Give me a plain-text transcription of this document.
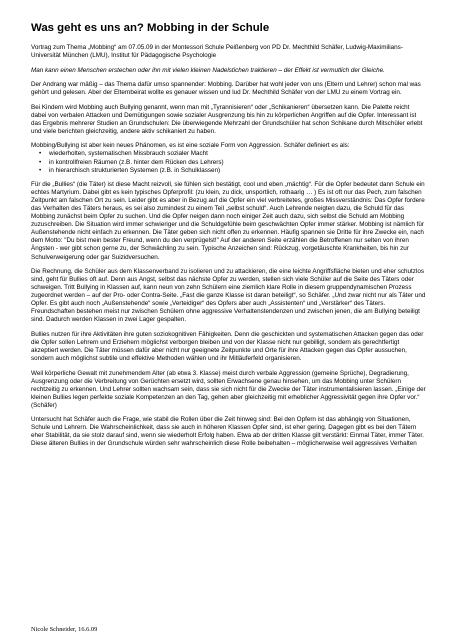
Was geht es uns an? Mobbing in der Schule

Vortrag zum Thema „Mobbing“ am 07.05.09 in der Montessori Schule Peißenberg von PD Dr. Mechthild Schäfer, Ludwig-Maximilians-Universität München (LMU), Institut für Pädagogische Psychologie

Man kann einen Menschen erstechen oder ihn mit vielen kleinen Nadelstichen traktieren – der Effekt ist vermutlich der Gleiche.

Der Andrang war mäßig – das Thema dafür umso spannender: Mobbing. Darüber hat wohl jeder von uns (Eltern und Lehrer) schon mal was gehört und gelesen. Aber der Elternbeirat wollte es genauer wissen und lud Dr. Mechthild Schäfer von der LMU zu einem Vortrag ein.

Bei Kindern wird Mobbing auch Bullying genannt, wenn man mit „Tyrannisieren“ oder „Schikanieren“ übersetzen kann. Die Palette reicht dabei von verbalen Attacken und Demütigungen sowie sozialer Ausgrenzung bis hin zu körperlichen Angriffen auf die Opfer. Interessant ist das Ergebnis mehrerer Studien an Grundschulen: Die überwiegende Mehrzahl der Grundschüler hat schon Schikane durch Mitschüler erlebt und viele berichten gleichzeitig, andere aktiv schikaniert zu haben.

Mobbing/Bullying ist aber kein neues Phänomen, es ist eine soziale Form von Aggression. Schäfer definiert es als:

• wiederholten, systematischen Missbrauch sozialer Macht
• in kontrollfreien Räumen (z.B. hinter dem Rücken des Lehrers)
• in hierarchisch strukturierten Systemen (z.B. in Schulklassen)

Für die „Bullies“ (die Täter) ist diese Macht reizvoll, sie fühlen sich bestätigt, cool und eben „mächtig“. Für die Opfer bedeutet dann Schule ein echtes Martyrium. Dabei gibt es kein typisches Opferprofil: (zu klein, zu dick, unsportlich, rothaarig … ) Es ist oft nur das Pech, zum falschen Zeitpunkt am falschen Ort zu sein. Leider gibt es aber in Bezug auf die Opfer ein viel verbreitetes, großes Missverständnis: Das Opfer fordere das Verhalten des Täters heraus, es sei also zumindest zu einem Teil „selbst schuld“. Auch Lehrende neigten dazu, die Schuld für das Mobbing zunächst beim Opfer zu suchen. Und die Opfer neigen dann noch einiger Zeit auch dazu, sich selbst die Schuld am Mobbing zuzuschreiben. Die Situation wird immer schwieriger und die Schuldgefühle beim geschwächten Opfer immer stärker. Mobbing ist nämlich für Außenstehende nicht einfach zu erkennen. Die Täter geben sich nicht offen zu erkennen. Häufig spannen sie Dritte für ihre Zwecke ein, nach dem Motto: "Du bist mein bester Freund, wenn du den verprügelst!" Auf der anderen Seite erzählen die Betroffenen nur selten von ihren Ängsten - wer gibt schon gerne zu, der Schwächling zu sein. Typische Anzeichen sind: Rückzug, vorgetäuschte Krankheiten, bis hin zur Schulverweigerung oder gar Suizidversuchen.

Die Rechnung, die Schüler aus dem Klassenverband zu isolieren und zu attackieren, die eine leichte Angriffsfläche bieten und eher schutzlos sind, geht für Bullies oft auf. Denn aus Angst, selbst das nächste Opfer zu werden, stellen sich viele Schüler auf die Seite des Täters oder schweigen. Tritt Bullying in Klassen auf, kann neun von zehn Schülern eine ziemlich klare Rolle in diesem gruppendynamischen Prozess zugeordnet werden – auf der Pro- oder Contra-Seite. „Fast die ganze Klasse ist daran beteiligt“, so Schäfer. „Und zwar nicht nur als Täter und Opfer. Es gibt auch noch „Außenstehende“ sowie „Verteidiger“ des Opfers aber auch „Assistenten“ und „Verstärker“ des Täters. Freundschaften bestehen meist nur zwischen Schülern ohne aggressive Verhaltenstendenzen und zwischen jenen, die am Bullying beteiligt sind. Dadurch werden Klassen in zwei Lager gespalten.

Bullies nutzen für ihre Aktivitäten ihre guten soziokognitiven Fähigkeiten. Denn die geschickten und systematischen Attacken gegen das oder die Opfer sollen Lehrern und Erziehern möglichst verborgen bleiben und von der Klasse nicht nur gebilligt, sondern als gerechtfertigt akzeptiert werden. Die Täter müssen dafür aber nicht nur geeignete Zeitpunkte und Orte für ihre Attacken gegen das Opfer aussuchen, sondern auch möglichst subtile und effektive Methoden wählen und ihr Mitläuferfeld organisieren.

Weil körperliche Gewalt mit zunehmendem Alter (ab etwa 3. Klasse) meist durch verbale Aggression (gemeine Sprüche), Degradierung, Ausgrenzung oder die Verbreitung von Gerüchten ersetzt wird, sollten Erwachsene genau hinsehen, um das Mobbing unter Schülern rechtzeitig zu erkennen. Und Lehrer sollten wachsam sein, dass sie sich nicht für die Zwecke der Täter instrumentalisieren lassen. „Einige der kleinen Bullies legen perfekte soziale Kompetenzen an den Tag, gehen aber gleichzeitig mit erheblicher Aggressivität gegen ihre Opfer vor.“ (Schäfer)

Untersucht hat Schäfer auch die Frage, wie stabil die Rollen über die Zeit hinweg sind: Bei den Opfern ist das abhängig von Situationen, Schule und Lehrern. Die Wahrscheinlichkeit, dass sie auch in höheren Klassen Opfer sind, ist eher gering. Dagegen gibt es bei den Tätern eher Stabilität, da sie stolz darauf sind, wenn sie wiederholt Erfolg haben. Etwa ab der dritten Klasse gilt verstärkt: Einmal Täter, immer Täter. Diese älteren Bullies in der Grundschule würden sehr wahrscheinlich diese Rolle beibehalten – möglicherweise weil aggressives Verhalten

Nicole Schneider, 16.6.09
